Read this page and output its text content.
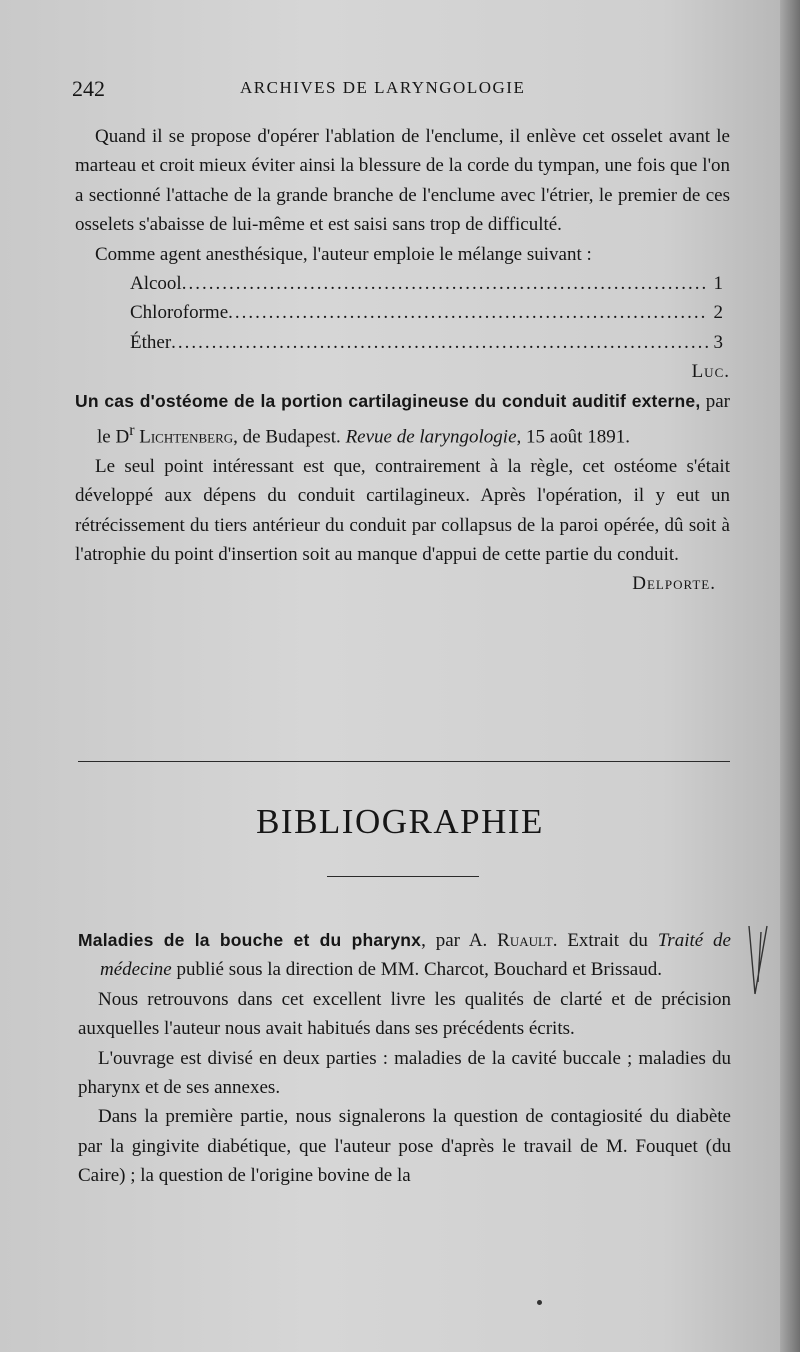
242	ARCHIVES DE LARYNGOLOGIE

Quand il se propose d'opérer l'ablation de l'enclume, il enlève cet osselet avant le marteau et croit mieux éviter ainsi la blessure de la corde du tympan, une fois que l'on a sectionné l'attache de la grande branche de l'enclume avec l'étrier, le premier de ces osselets s'abaisse de lui-même et est saisi sans trop de difficulté.

Comme agent anesthésique, l'auteur emploie le mélange suivant :

Alcool .....	1
Chloroforme .....	2
Éther .....	3

Luc.

Un cas d'ostéome de la portion cartilagineuse du conduit auditif externe, par le $D^r$ Lichtenberg, de Budapest. Revue de laryngologie, 15 août 1891.

Le seul point intéressant est que, contrairement à la règle, cet ostéome s'était développé aux dépens du conduit cartilagineux. Après l'opération, il y eut un rétrécissement du tiers antérieur du conduit par collapsus de la paroi opérée, dû soit à l'atrophie du point d'insertion soit au manque d'appui de cette partie du conduit.

Delporte.

BIBLIOGRAPHIE

Maladies de la bouche et du pharynx, par A. Ruault. Extrait du Traité de médecine publié sous la direction de MM. Charcot, Bouchard et Brissaud.

Nous retrouvons dans cet excellent livre les qualités de clarté et de précision auxquelles l'auteur nous avait habitués dans ses précédents écrits.

L'ouvrage est divisé en deux parties : maladies de la cavité buccale ; maladies du pharynx et de ses annexes.

Dans la première partie, nous signalerons la question de contagiosité du diabète par la gingivite diabétique, que l'auteur pose d'après le travail de M. Fouquet (du Caire) ; la question de l'origine bovine de la
